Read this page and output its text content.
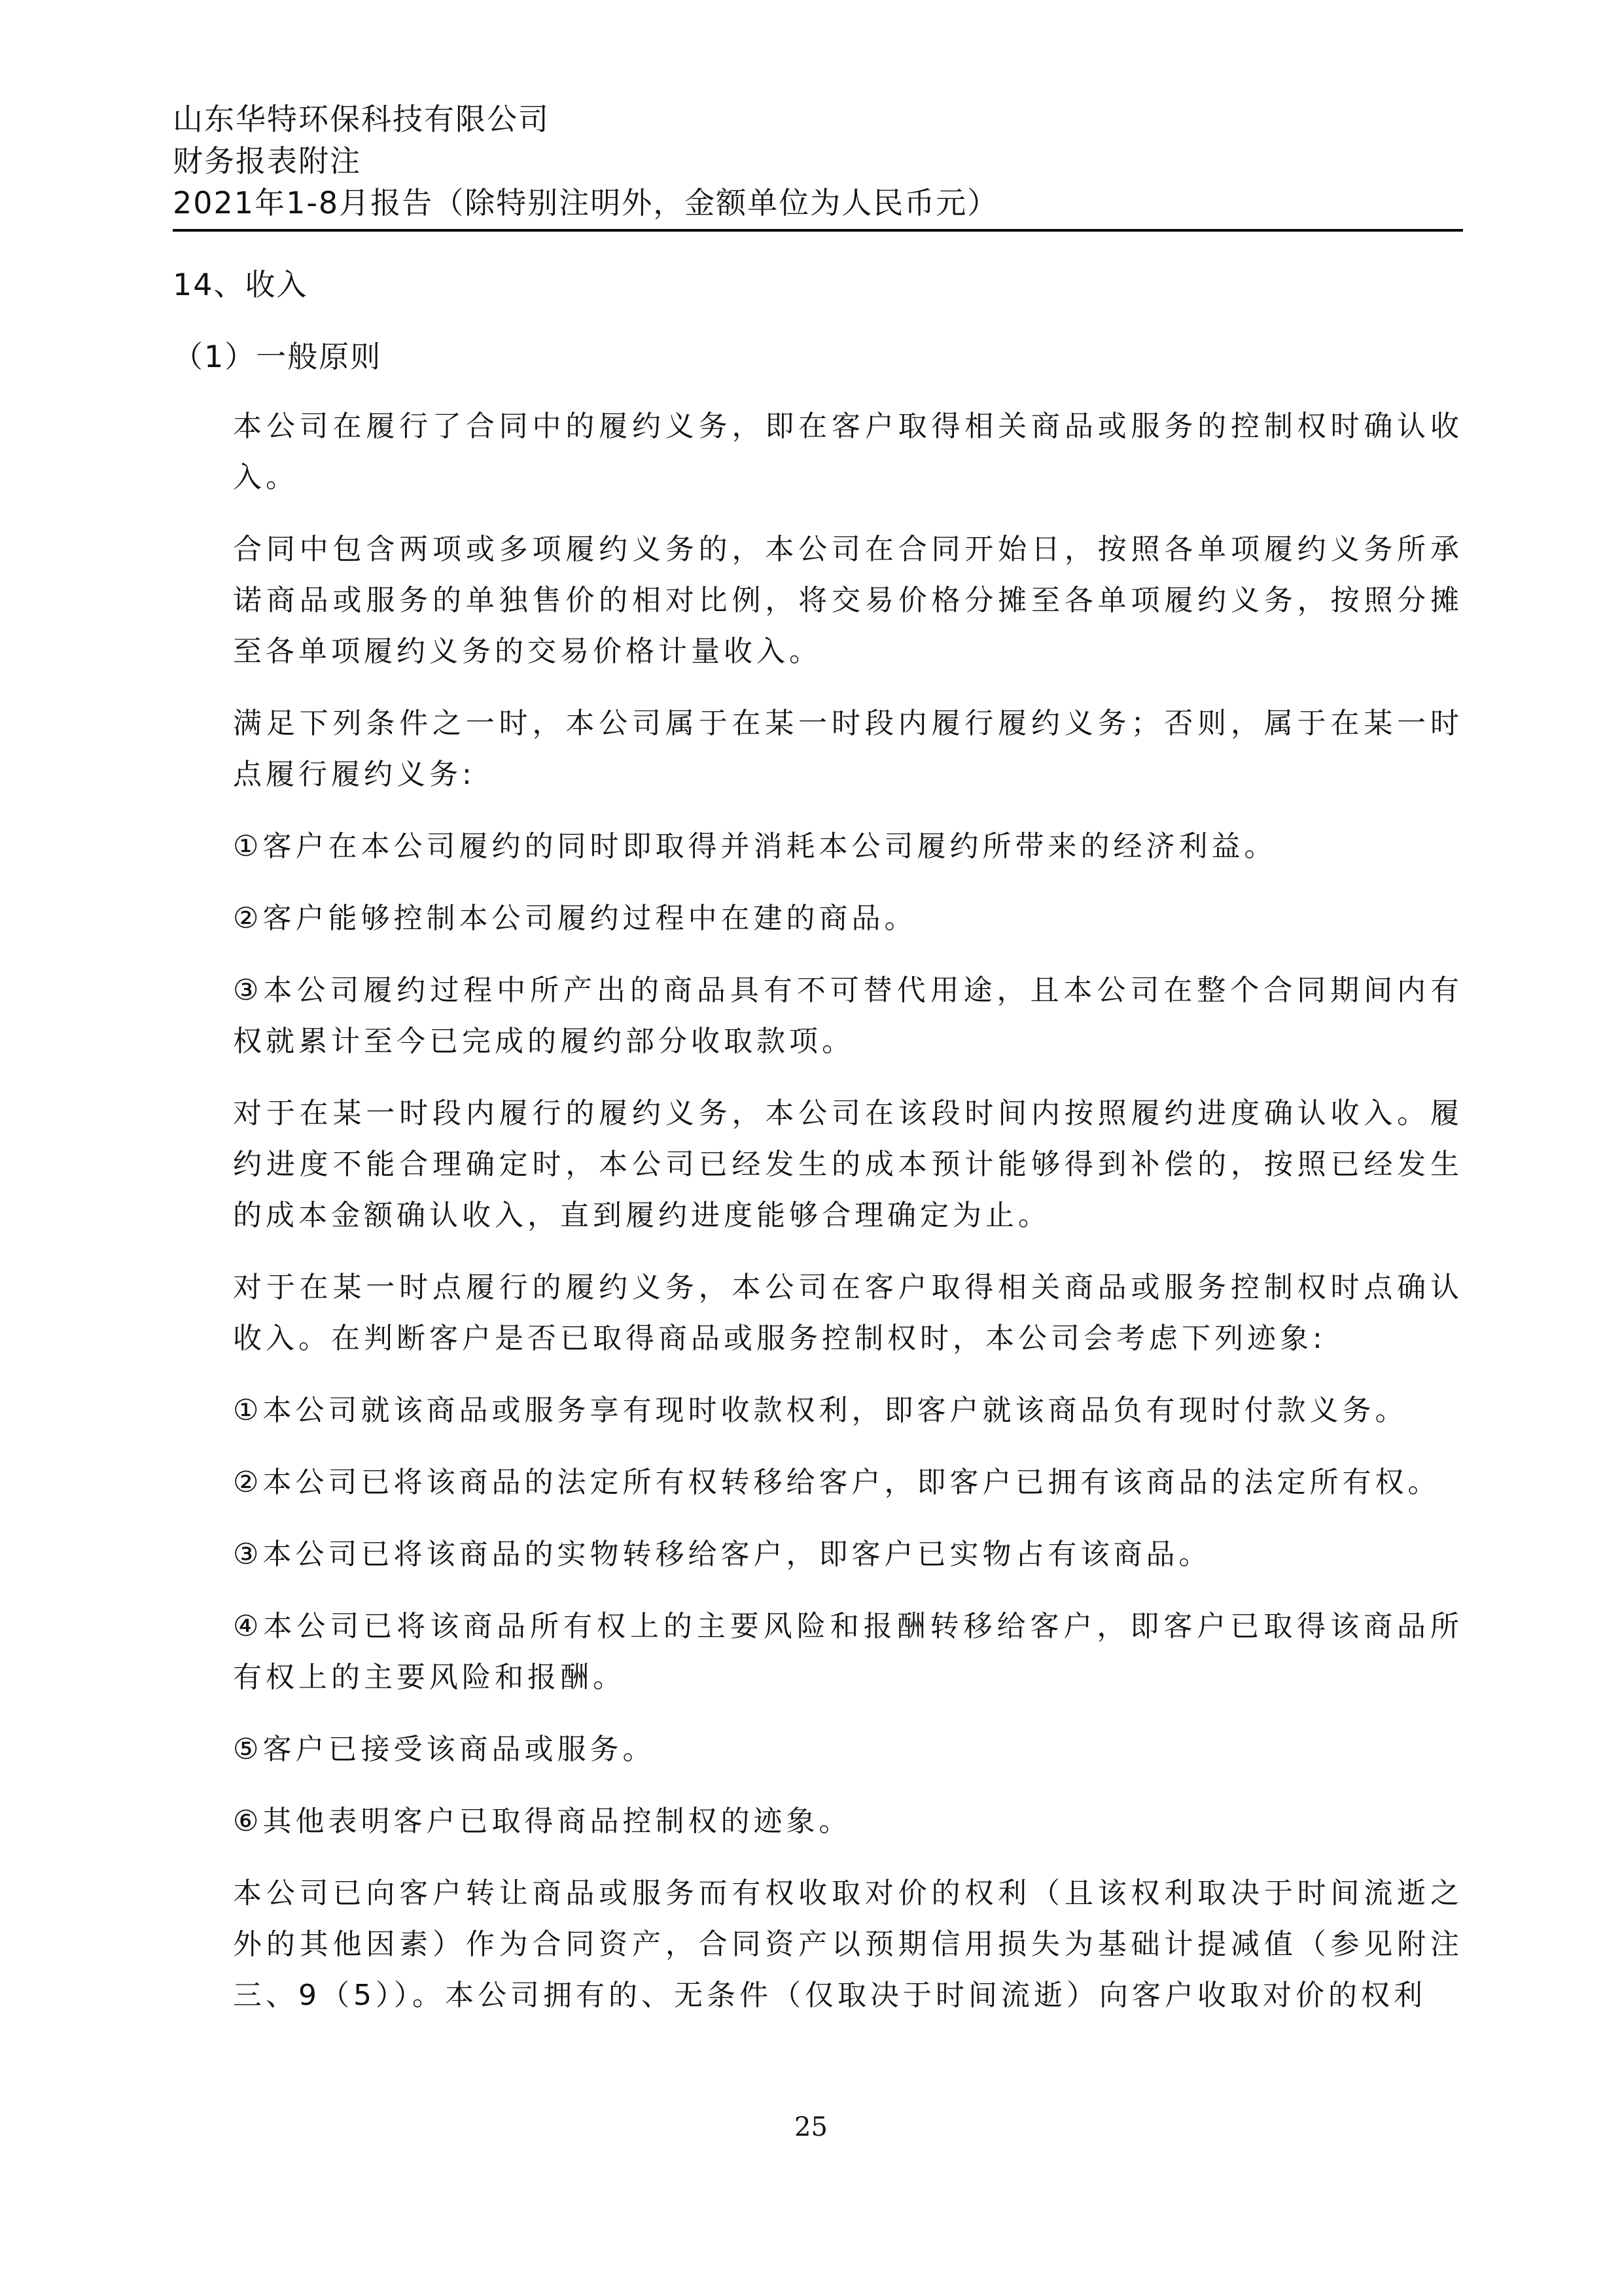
山东华特环保科技有限公司
财务报表附注
2021年1-8月报告（除特别注明外，金额单位为人民币元）
14、收入
（1）一般原则

本公司在履行了合同中的履约义务，即在客户取得相关商品或服务的控制权时确认收入。

合同中包含两项或多项履约义务的，本公司在合同开始日，按照各单项履约义务所承诺商品或服务的单独售价的相对比例，将交易价格分摊至各单项履约义务，按照分摊至各单项履约义务的交易价格计量收入。

满足下列条件之一时，本公司属于在某一时段内履行履约义务；否则，属于在某一时点履行履约义务:

①客户在本公司履约的同时即取得并消耗本公司履约所带来的经济利益。

②客户能够控制本公司履约过程中在建的商品。

③本公司履约过程中所产出的商品具有不可替代用途，且本公司在整个合同期间内有权就累计至今已完成的履约部分收取款项。

对于在某一时段内履行的履约义务，本公司在该段时间内按照履约进度确认收入。履约进度不能合理确定时，本公司已经发生的成本预计能够得到补偿的，按照已经发生的成本金额确认收入，直到履约进度能够合理确定为止。

对于在某一时点履行的履约义务，本公司在客户取得相关商品或服务控制权时点确认收入。在判断客户是否已取得商品或服务控制权时，本公司会考虑下列迹象:

①本公司就该商品或服务享有现时收款权利，即客户就该商品负有现时付款义务。

②本公司已将该商品的法定所有权转移给客户，即客户已拥有该商品的法定所有权。

③本公司已将该商品的实物转移给客户，即客户已实物占有该商品。

④本公司已将该商品所有权上的主要风险和报酬转移给客户，即客户已取得该商品所有权上的主要风险和报酬。

⑤客户已接受该商品或服务。

⑥其他表明客户已取得商品控制权的迹象。

本公司已向客户转让商品或服务而有权收取对价的权利（且该权利取决于时间流逝之外的其他因素）作为合同资产，合同资产以预期信用损失为基础计提减值（参见附注三、9（5））。本公司拥有的、无条件（仅取决于时间流逝）向客户收取对价的权利

25
